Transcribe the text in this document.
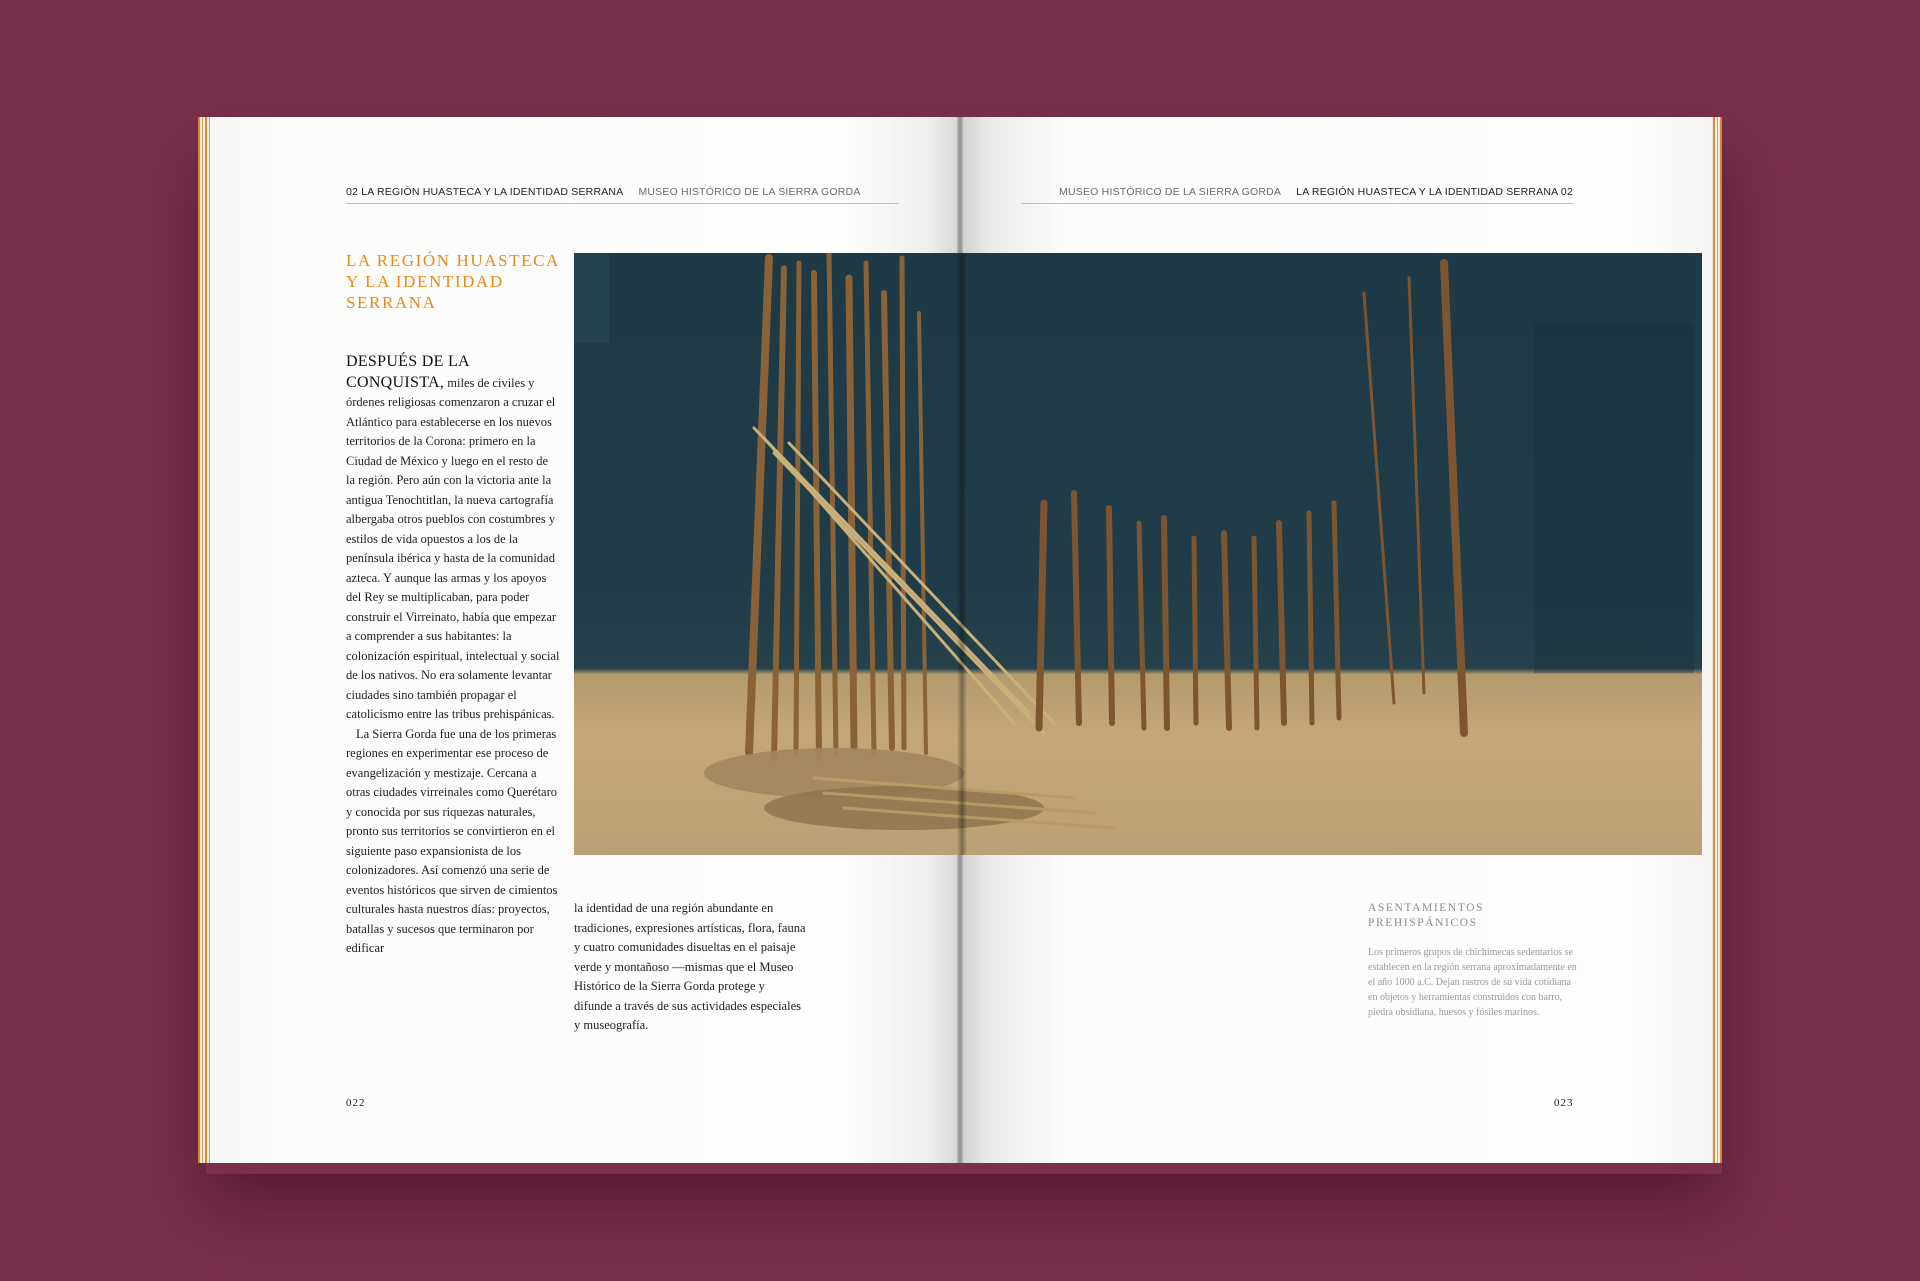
02 LA REGIÓN HUASTECA Y LA IDENTIDAD SERRANA MUSEO HISTÓRICO DE LA SIERRA GORDA	MUSEO HISTÓRICO DE LA SIERRA GORDA LA REGIÓN HUASTECA Y LA IDENTIDAD SERRANA 02
LA REGIÓN HUASTECA Y LA IDENTIDAD SERRANA

DESPUÉS DE LA CONQUISTA, miles de civiles y órdenes religiosas comenzaron a cruzar el Atlántico para establecerse en los nuevos territorios de la Corona: primero en la Ciudad de México y luego en el resto de la región. Pero aún con la victoria ante la antigua Tenochtitlan, la nueva cartografía albergaba otros pueblos con costumbres y estilos de vida opuestos a los de la península ibérica y hasta de la comunidad azteca. Y aunque las armas y los apoyos del Rey se multiplicaban, para poder construir el Virreinato, había que empezar a comprender a sus habitantes: la colonización espiritual, intelectual y social de los nativos. No era solamente levantar ciudades sino también propagar el catolicismo entre las tribus prehispánicas.

La Sierra Gorda fue una de los primeras regiones en experimentar ese proceso de evangelización y mestizaje. Cercana a otras ciudades virreinales como Querétaro y conocida por sus riquezas naturales, pronto sus territorios se convirtieron en el siguiente paso expansionista de los colonizadores. Así comenzó una serie de eventos históricos que sirven de cimientos culturales hasta nuestros días: proyectos, batallas y sucesos que terminaron por edificar

la identidad de una región abundante en tradiciones, expresiones artísticas, flora, fauna y cuatro comunidades disueltas en el paisaje verde y montañoso —mismas que el Museo Histórico de la Sierra Gorda protege y difunde a través de sus actividades especiales y museografía.

ASENTAMIENTOS PREHISPÁNICOS
Los primeros grupos de chichimecas sedentarios se establecen en la región serrana aproximadamente en el año 1000 a.C. Dejan rastros de su vida cotidiana en objetos y herramientas construidos con barro, piedra obsidiana, huesos y fósiles marinos.
022	023
